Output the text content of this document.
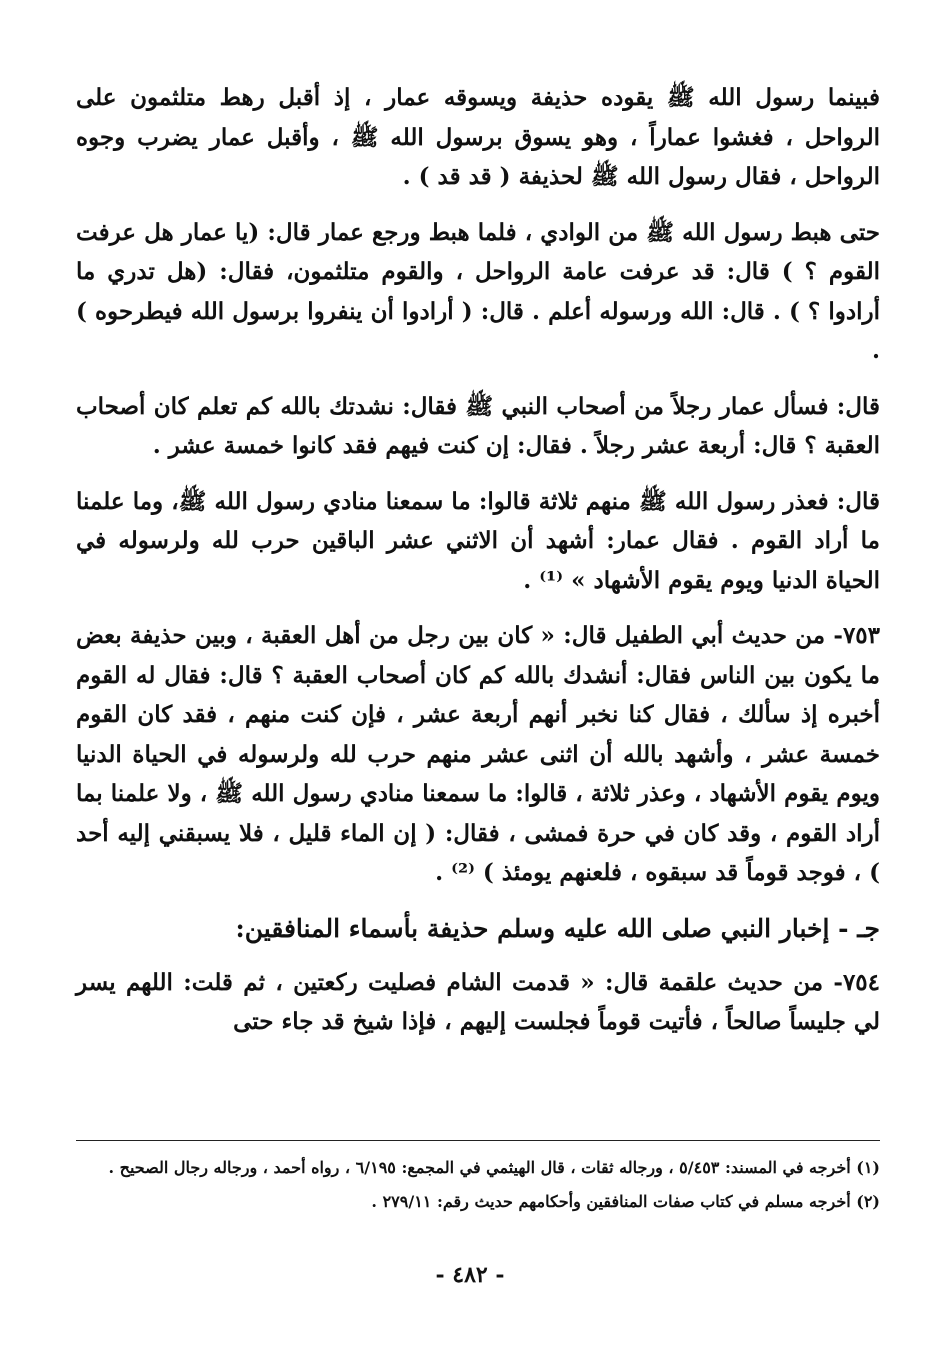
فبينما رسول الله ﷺ يقوده حذيفة ويسوقه عمار ، إذ أقبل رهط متلثمون على الرواحل ، فغشوا عماراً ، وهو يسوق برسول الله ﷺ ، وأقبل عمار يضرب وجوه الرواحل ، فقال رسول الله ﷺ لحذيفة ( قد قد ) .

حتى هبط رسول الله ﷺ من الوادي ، فلما هبط ورجع عمار قال: (يا عمار هل عرفت القوم ؟ ) قال: قد عرفت عامة الرواحل ، والقوم متلثمون، فقال: (هل تدري ما أرادوا ؟ ) . قال: الله ورسوله أعلم . قال: ( أرادوا أن ينفروا برسول الله فيطرحوه ) .

قال: فسأل عمار رجلاً من أصحاب النبي ﷺ فقال: نشدتك بالله كم تعلم كان أصحاب العقبة ؟ قال: أربعة عشر رجلاً . فقال: إن كنت فيهم فقد كانوا خمسة عشر .

قال: فعذر رسول الله ﷺ منهم ثلاثة قالوا: ما سمعنا منادي رسول الله ﷺ، وما علمنا ما أراد القوم . فقال عمار: أشهد أن الاثني عشر الباقين حرب لله ولرسوله في الحياة الدنيا ويوم يقوم الأشهاد » ⁽¹⁾ .

٧٥٣- من حديث أبي الطفيل قال: « كان بين رجل من أهل العقبة ، وبين حذيفة بعض ما يكون بين الناس فقال: أنشدك بالله كم كان أصحاب العقبة ؟ قال: فقال له القوم أخبره إذ سألك ، فقال كنا نخبر أنهم أربعة عشر ، فإن كنت منهم ، فقد كان القوم خمسة عشر ، وأشهد بالله أن اثنى عشر منهم حرب لله ولرسوله في الحياة الدنيا ويوم يقوم الأشهاد ، وعذر ثلاثة ، قالوا: ما سمعنا منادي رسول الله ﷺ ، ولا علمنا بما أراد القوم ، وقد كان في حرة فمشى ، فقال: ( إن الماء قليل ، فلا يسبقني إليه أحد ) ، فوجد قوماً قد سبقوه ، فلعنهم يومئذ ) ⁽²⁾ .

جـ - إخبار النبي صلى الله عليه وسلم حذيفة بأسماء المنافقين:

٧٥٤- من حديث علقمة قال: « قدمت الشام فصليت ركعتين ، ثم قلت: اللهم يسر لي جليساً صالحاً ، فأتيت قوماً فجلست إليهم ، فإذا شيخ قد جاء حتى

(١) أخرجه في المسند: ٥/٤٥٣ ، ورجاله ثقات ، قال الهيثمي في المجمع: ٦/١٩٥ ، رواه أحمد ، ورجاله رجال الصحيح .

(٢) أخرجه مسلم في كتاب صفات المنافقين وأحكامهم حديث رقم: ٢٧٩/١١ .

- ٤٨٢ -
